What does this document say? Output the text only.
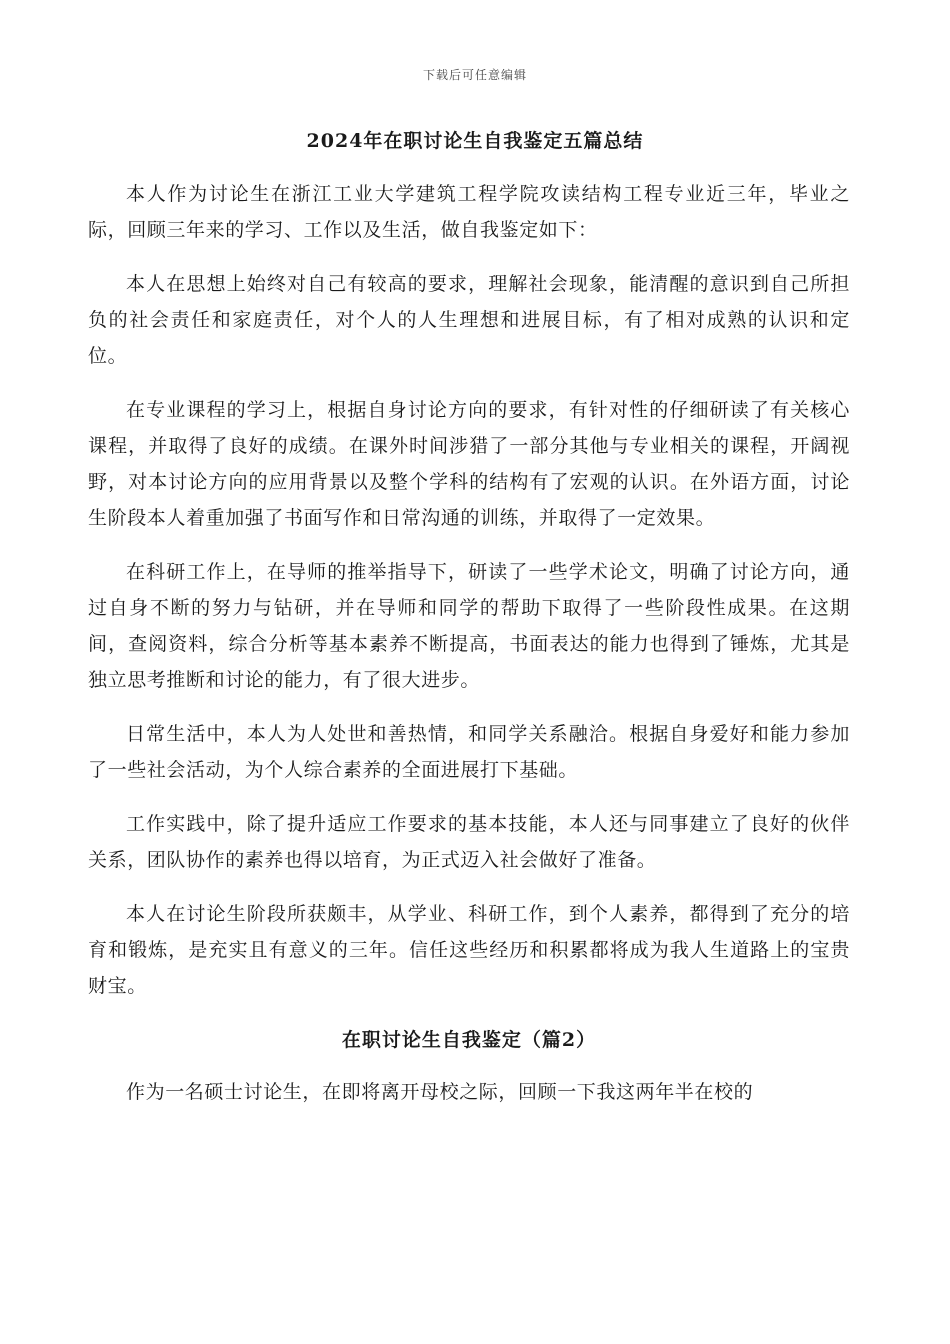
下载后可任意编辑
2024年在职讨论生自我鉴定五篇总结

本人作为讨论生在浙江工业大学建筑工程学院攻读结构工程专业近三年，毕业之际，回顾三年来的学习、工作以及生活，做自我鉴定如下：

本人在思想上始终对自己有较高的要求，理解社会现象，能清醒的意识到自己所担负的社会责任和家庭责任，对个人的人生理想和进展目标，有了相对成熟的认识和定位。

在专业课程的学习上，根据自身讨论方向的要求，有针对性的仔细研读了有关核心课程，并取得了良好的成绩。在课外时间涉猎了一部分其他与专业相关的课程，开阔视野，对本讨论方向的应用背景以及整个学科的结构有了宏观的认识。在外语方面，讨论生阶段本人着重加强了书面写作和日常沟通的训练，并取得了一定效果。

在科研工作上，在导师的推举指导下，研读了一些学术论文，明确了讨论方向，通过自身不断的努力与钻研，并在导师和同学的帮助下取得了一些阶段性成果。在这期间，查阅资料，综合分析等基本素养不断提高，书面表达的能力也得到了锤炼，尤其是独立思考推断和讨论的能力，有了很大进步。

日常生活中，本人为人处世和善热情，和同学关系融洽。根据自身爱好和能力参加了一些社会活动，为个人综合素养的全面进展打下基础。

工作实践中，除了提升适应工作要求的基本技能，本人还与同事建立了良好的伙伴关系，团队协作的素养也得以培育，为正式迈入社会做好了准备。

本人在讨论生阶段所获颇丰，从学业、科研工作，到个人素养，都得到了充分的培育和锻炼，是充实且有意义的三年。信任这些经历和积累都将成为我人生道路上的宝贵财宝。

在职讨论生自我鉴定（篇2）

作为一名硕士讨论生，在即将离开母校之际，回顾一下我这两年半在校的
